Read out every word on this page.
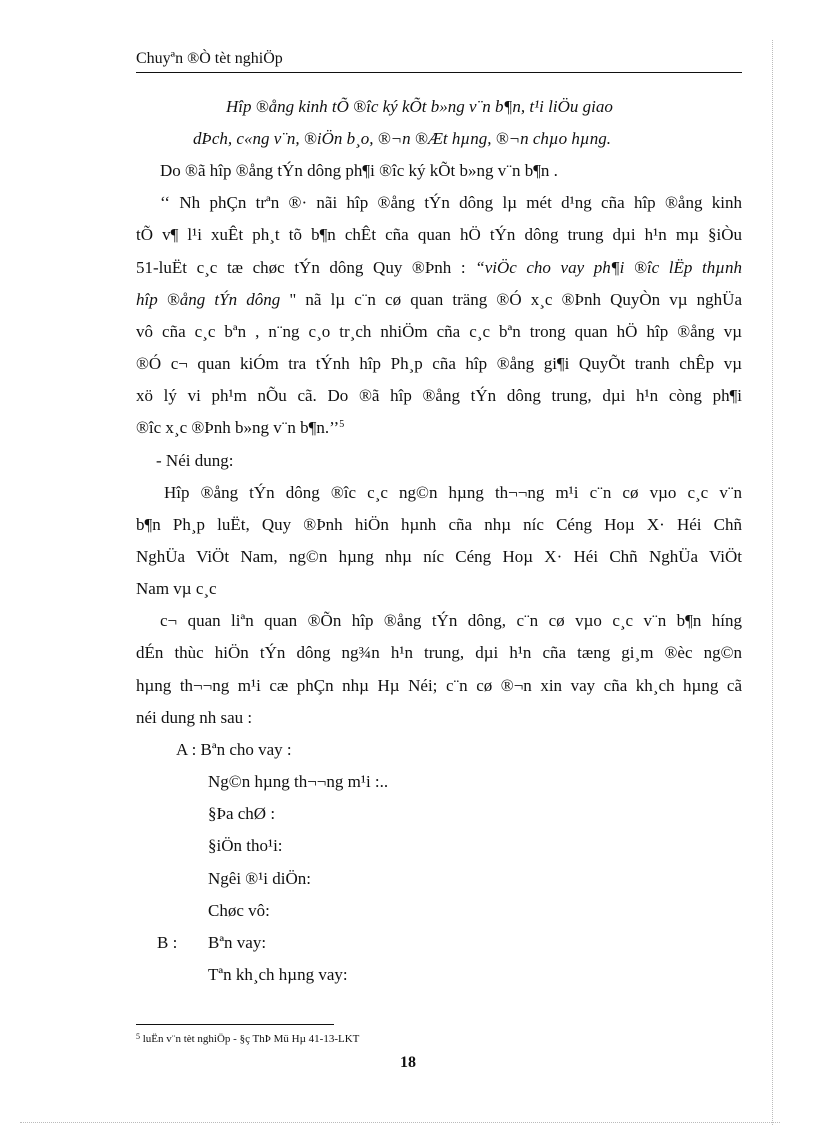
Chuyªn ®Ò tèt nghiÖp
Hîp ®ång kinh tÕ ®îc ký kÕt b»ng v¨n b¶n, t¹i liÖu giao
dÞch, c«ng v¨n, ®iÖn b¸o, ®¬n ®Æt hµng, ®¬n chµo hµng.
Do ®ã hîp ®ång tÝn dông ph¶i ®îc ký kÕt b»ng v¨n b¶n .
‘‘ Nh phÇn trªn ®· nãi hîp ®ång tÝn dông lµ mét d¹ng cña hîp ®ång kinh
tÕ v¶ l¹i xuÊt ph¸t tõ b¶n chÊt cña quan hÖ tÝn dông trung dµi h¹n mµ §iÒu
51-luËt c¸c tæ chøc tÝn dông Quy ®Þnh : “viÖc cho vay ph¶i ®îc lËp thµnh
hîp ®ång tÝn dông " nã lµ c¨n cø quan träng ®Ó x¸c ®Þnh QuyÒn vµ nghÜa
vô cña c¸c bªn , n¨ng c¸o tr¸ch nhiÖm cña c¸c bªn trong quan hÖ hîp ®ång vµ
®Ó c¬ quan kiÓm tra tÝnh hîp Ph¸p cña hîp ®ång gi¶i QuyÕt tranh chÊp vµ
xö lý vi ph¹m nÕu cã. Do ®ã hîp ®ång tÝn dông trung, dµi h¹n còng ph¶i
®îc x¸c ®Þnh b»ng v¨n b¶n.’’$^5$
- Néi dung:
Hîp ®ång tÝn dông ®îc c¸c ng©n hµng th¬¬ng m¹i c¨n cø vµo c¸c v¨n
b¶n Ph¸p luËt, Quy ®Þnh hiÖn hµnh cña nhµ níc Céng Hoµ X· Héi Chñ
NghÜa ViÖt Nam, ng©n hµng nhµ níc Céng Hoµ X· Héi Chñ NghÜa ViÖt
Nam vµ c¸c
c¬ quan liªn quan ®Õn hîp ®ång tÝn dông, c¨n cø vµo c¸c v¨n b¶n híng
dÉn thùc hiÖn tÝn dông ng¾n h¹n trung, dµi h¹n cña tæng gi¸m ®èc ng©n
hµng th¬¬ng m¹i cæ phÇn nhµ Hµ Néi; c¨n cø ®¬n xin vay cña kh¸ch hµng cã
néi dung nh sau :
A : Bªn cho vay :
Ng©n hµng th¬¬ng m¹i :..
§Þa chØ :
§iÖn tho¹i:
Ngêi ®¹i diÖn:
Chøc vô:
B : Bªn vay:
Tªn kh¸ch hµng vay:
$^5$ luËn v¨n tèt nghiÖp - §ç ThÞ Mü Hµ 41-13-LKT
18
